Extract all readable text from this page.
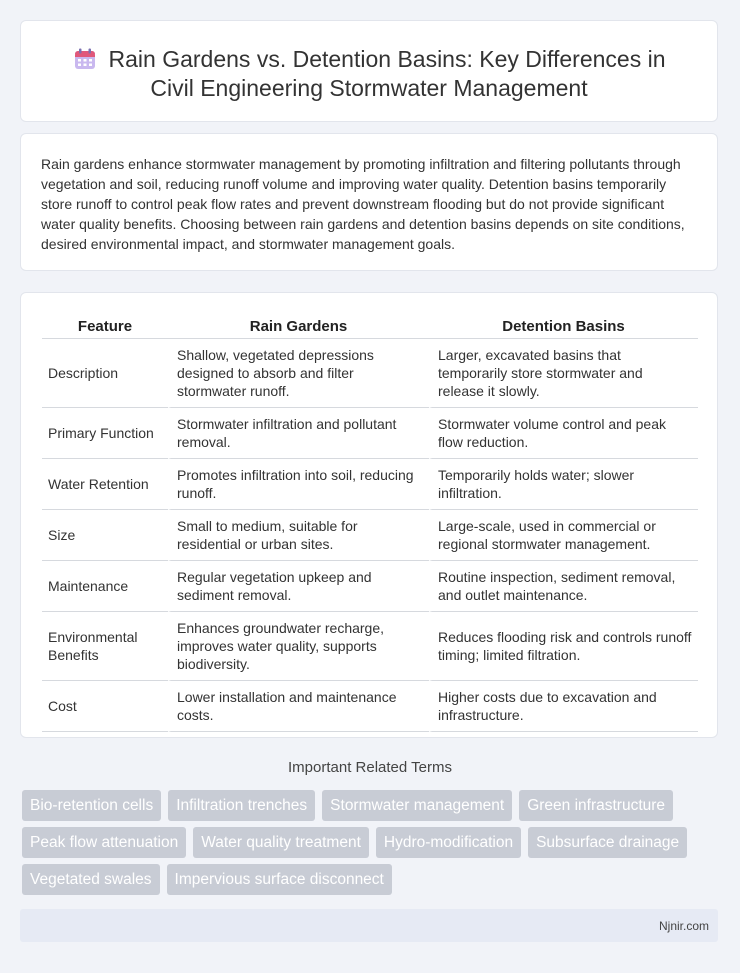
Rain Gardens vs. Detention Basins: Key Differences in Civil Engineering Stormwater Management

Rain gardens enhance stormwater management by promoting infiltration and filtering pollutants through vegetation and soil, reducing runoff volume and improving water quality. Detention basins temporarily store runoff to control peak flow rates and prevent downstream flooding but do not provide significant water quality benefits. Choosing between rain gardens and detention basins depends on site conditions, desired environmental impact, and stormwater management goals.

Feature	Rain Gardens	Detention Basins
Description	Shallow, vegetated depressions designed to absorb and filter stormwater runoff.	Larger, excavated basins that temporarily store stormwater and release it slowly.
Primary Function	Stormwater infiltration and pollutant removal.	Stormwater volume control and peak flow reduction.
Water Retention	Promotes infiltration into soil, reducing runoff.	Temporarily holds water; slower infiltration.
Size	Small to medium, suitable for residential or urban sites.	Large-scale, used in commercial or regional stormwater management.
Maintenance	Regular vegetation upkeep and sediment removal.	Routine inspection, sediment removal, and outlet maintenance.
Environmental Benefits	Enhances groundwater recharge, improves water quality, supports biodiversity.	Reduces flooding risk and controls runoff timing; limited filtration.
Cost	Lower installation and maintenance costs.	Higher costs due to excavation and infrastructure.
Important Related Terms
Bio-retention cells	Infiltration trenches	Stormwater management	Green infrastructure
Peak flow attenuation	Water quality treatment	Hydro-modification	Subsurface drainage
Vegetated swales	Impervious surface disconnect
Njnir.com
